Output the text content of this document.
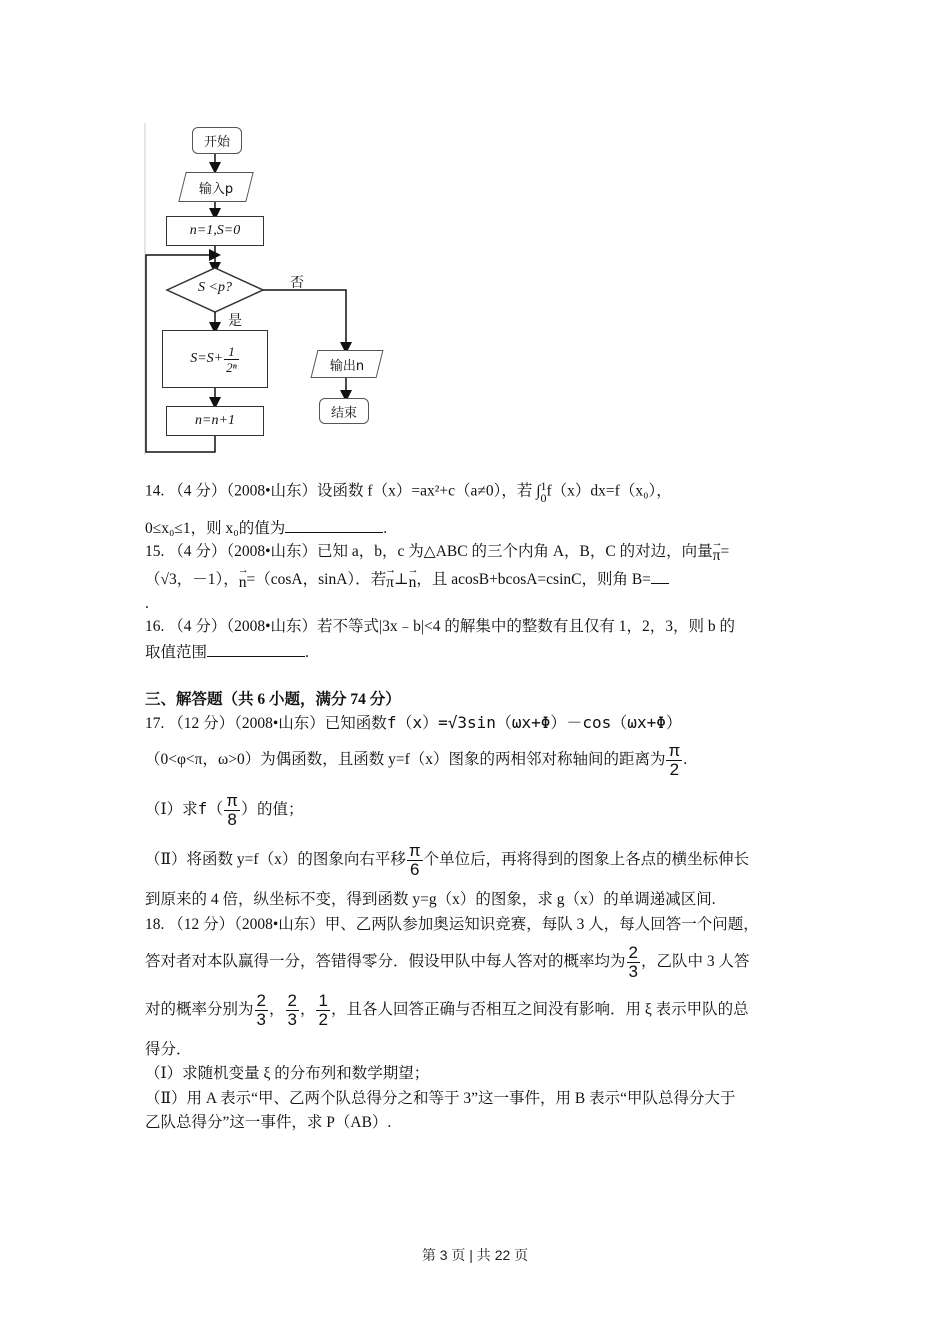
开始
输入p
n=1,S=0
S <p?	否
是
$S=S+ \frac{1}{\text{2ⁿ}}$
n=n+1
输出n
结束
14. （4 分）（2008•山东）设函数 f（x）=ax²+c（a≠0），若 ∫ 1
0 f（x）dx=f（x₀），
0≤x₀≤1，则 x₀的值为	.
15. （4 分）（2008•山东）已知 a，b，c 为△ABC 的三个内角 A，B，C 的对边，向量→ π=
（√3，－1），→ n=（cosA，sinA）．若→ π⊥→ n，且 acosB+bcosA=csinC，则角 B=
.
16. （4 分）（2008•山东）若不等式|3x﹣b|<4 的解集中的整数有且仅有 1，2，3，则 b 的
取值范围	.
三、解答题（共 6 小题，满分 74 分）
17. （12 分）（2008•山东）已知函数f（x）=√3sin（ωx+Φ）－cos（ωx+Φ）
（0<φ<π，ω>0）为偶函数，且函数 y=f（x）图象的两相邻对称轴间的距离为 $\frac{\pi}{2}$ .
（Ⅰ）求$f( \frac{\pi}{8}$ ）的值；
（Ⅱ）将函数 y=f（x）的图象向右平移 $\frac{\pi}{6}$ 个单位后，再将得到的图象上各点的横坐标伸长
到原来的 4 倍，纵坐标不变，得到函数 y=g（x）的图象，求 g（x）的单调递减区间.
18. （12 分）（2008•山东）甲、乙两队参加奥运知识竞赛，每队 3 人，每人回答一个问题，
答对者对本队赢得一分，答错得零分．假设甲队中每人答对的概率均为 $\frac{2}{3}$ ，乙队中 3 人答
对的概率分别为 $\frac{2}{3}$ ， $\frac{2}{3}$ ， $\frac{1}{2}$ ，且各人回答正确与否相互之间没有影响．用 ξ 表示甲队的总
得分．
（Ⅰ）求随机变量 ξ 的分布列和数学期望；
（Ⅱ）用 A 表示“甲、乙两个队总得分之和等于 3”这一事件，用 B 表示“甲队总得分大于
乙队总得分”这一事件，求 P（AB）.
第 3 页 | 共 22 页
